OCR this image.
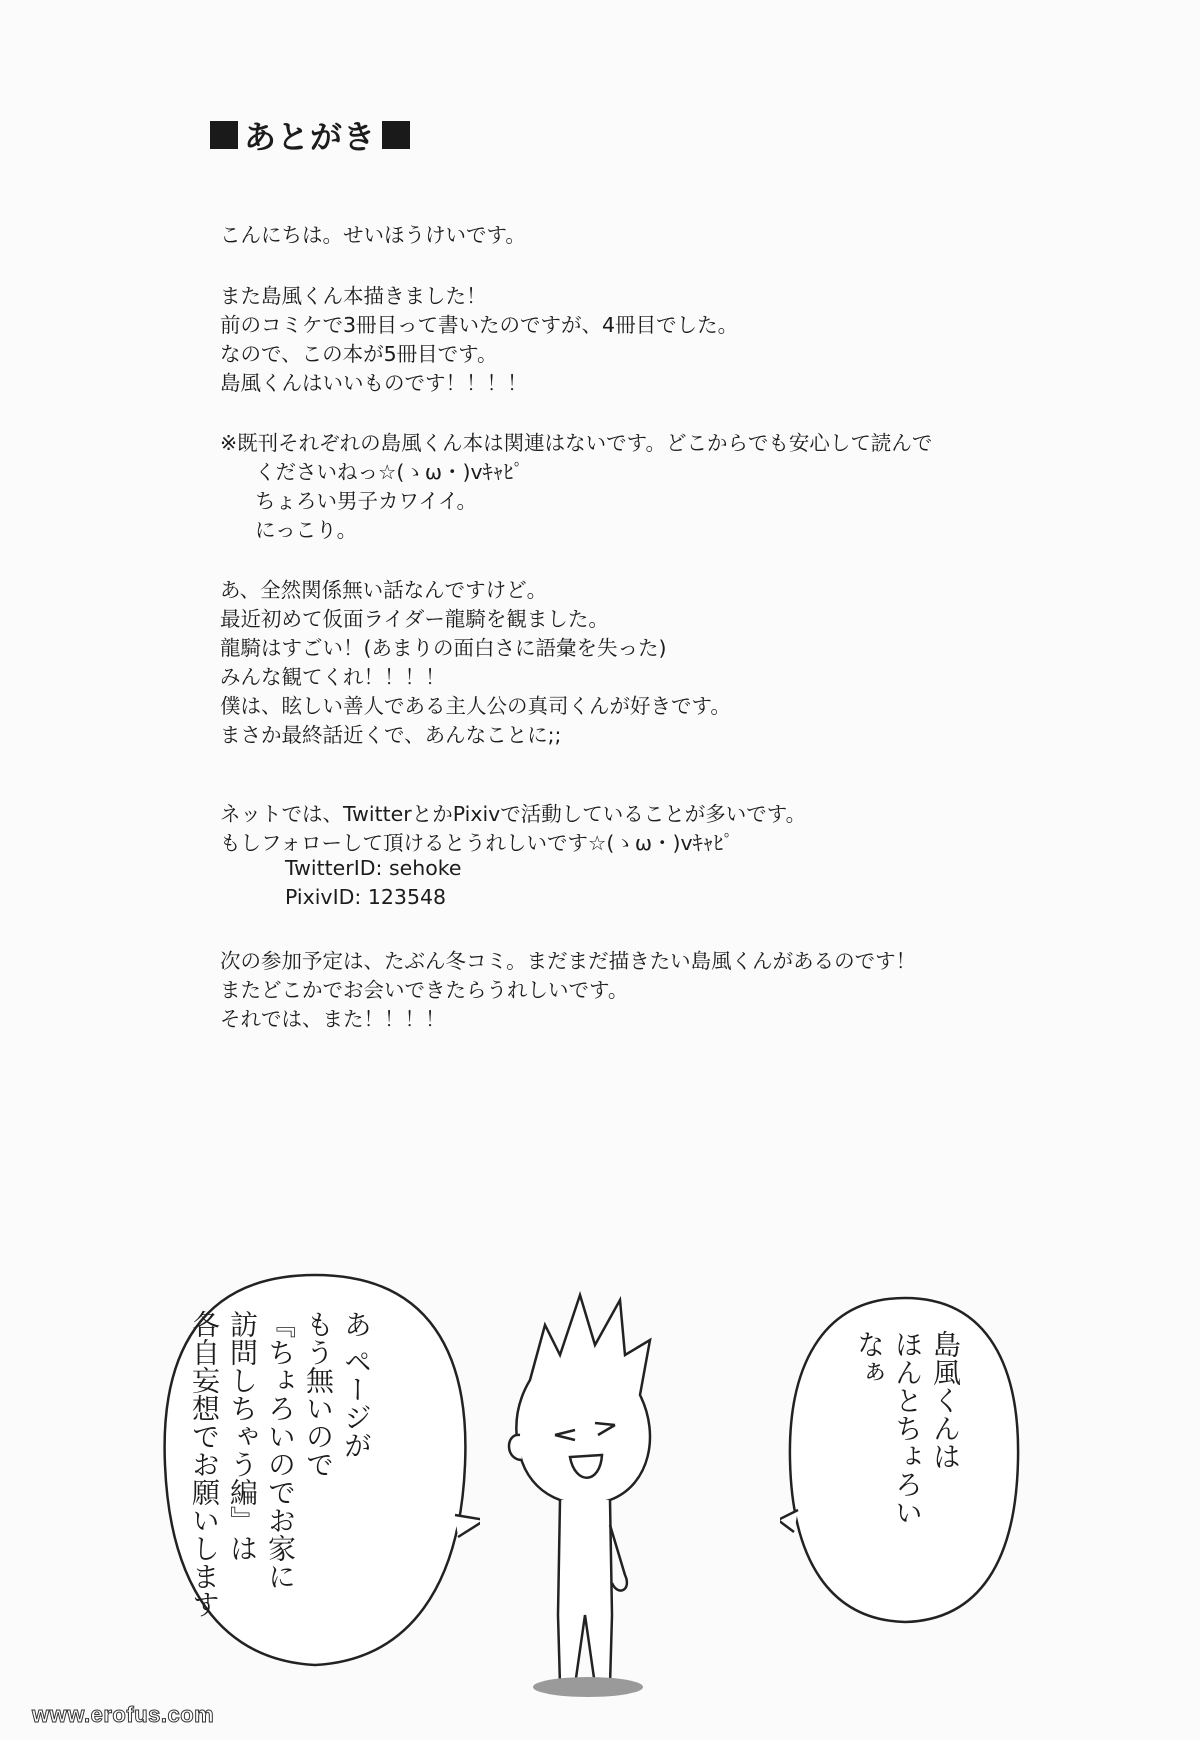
あとがき
こんにちは。せいほうけいです。
また島風くん本描きました！
前のコミケで3冊目って書いたのですが、4冊目でした。
なので、この本が5冊目です。
島風くんはいいものです！！！！
※既刊それぞれの島風くん本は関連はないです。どこからでも安心して読んで
くださいねっ☆(ゝω・)vｷｬﾋﾟ
ちょろい男子カワイイ。
にっこり。
あ、全然関係無い話なんですけど。
最近初めて仮面ライダー龍騎を観ました。
龍騎はすごい！(あまりの面白さに語彙を失った)
みんな観てくれ！！！！
僕は、眩しい善人である主人公の真司くんが好きです。
まさか最終話近くで、あんなことに;;
ネットでは、TwitterとかPixivで活動していることが多いです。
もしフォローして頂けるとうれしいです☆(ゝω・)vｷｬﾋﾟ
TwitterID: sehoke
PixivID: 123548
次の参加予定は、たぶん冬コミ。まだまだ描きたい島風くんがあるのです！
またどこかでお会いできたらうれしいです。
それでは、また！！！！
あ ページが
もう無いので
『ちょろいのでお家に
訪問しちゃう編』は
各自妄想でお願いします	島風くんは
ほんとちょろい
なぁ
www.erofus.com
